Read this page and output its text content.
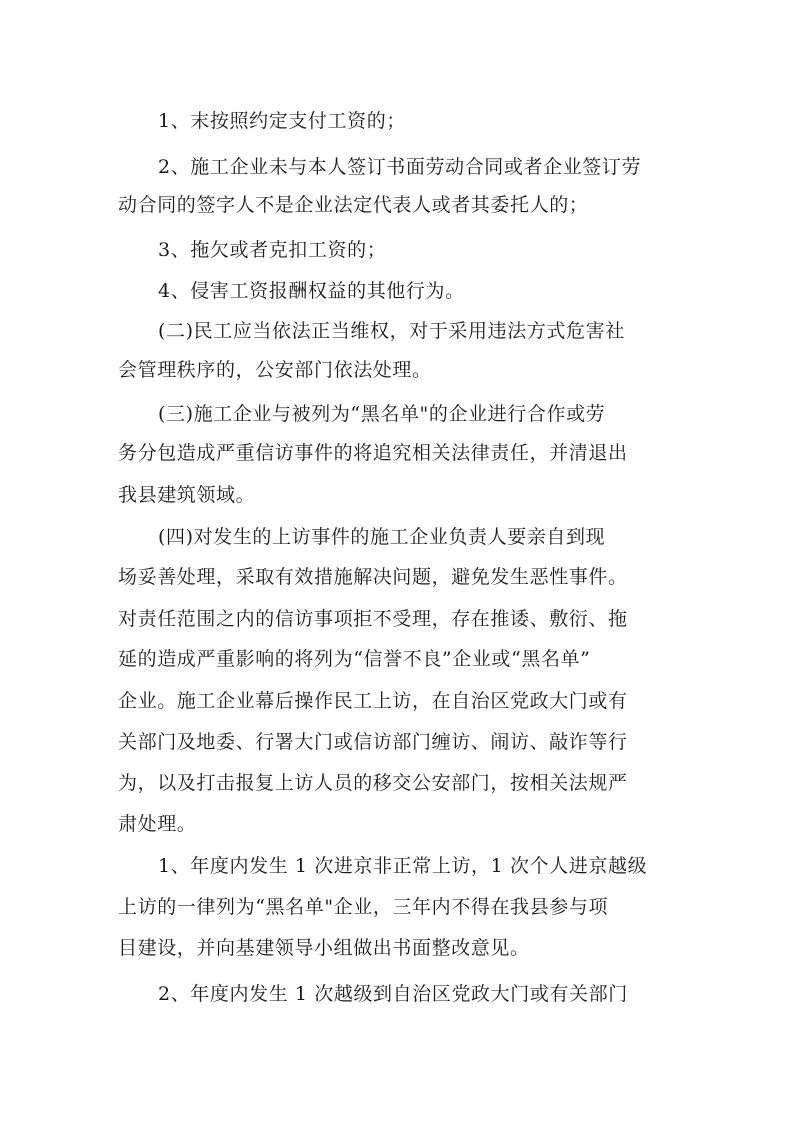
1、末按照约定支付工资的；
2、施工企业未与本人签订书面劳动合同或者企业签订劳
动合同的签字人不是企业法定代表人或者其委托人的；
3、拖欠或者克扣工资的；
4、侵害工资报酬权益的其他行为。
(二)民工应当依法正当维权，对于采用违法方式危害社
会管理秩序的，公安部门依法处理。
(三)施工企业与被列为“黑名单"的企业进行合作或劳
务分包造成严重信访事件的将追究相关法律责任，并清退出
我县建筑领域。
(四)对发生的上访事件的施工企业负责人要亲自到现
场妥善处理，采取有效措施解决问题，避免发生恶性事件。
对责任范围之内的信访事项拒不受理，存在推诿、敷衍、拖
延的造成严重影响的将列为“信誉不良”企业或“黑名单”
企业。施工企业幕后操作民工上访，在自治区党政大门或有
关部门及地委、行署大门或信访部门缠访、闹访、敲诈等行
为，以及打击报复上访人员的移交公安部门，按相关法规严
肃处理。
1、年度内发生 1 次进京非正常上访，1 次个人进京越级
上访的一律列为“黑名单"企业，三年内不得在我县参与项
目建设，并向基建领导小组做出书面整改意见。
2、年度内发生 1 次越级到自治区党政大门或有关部门
